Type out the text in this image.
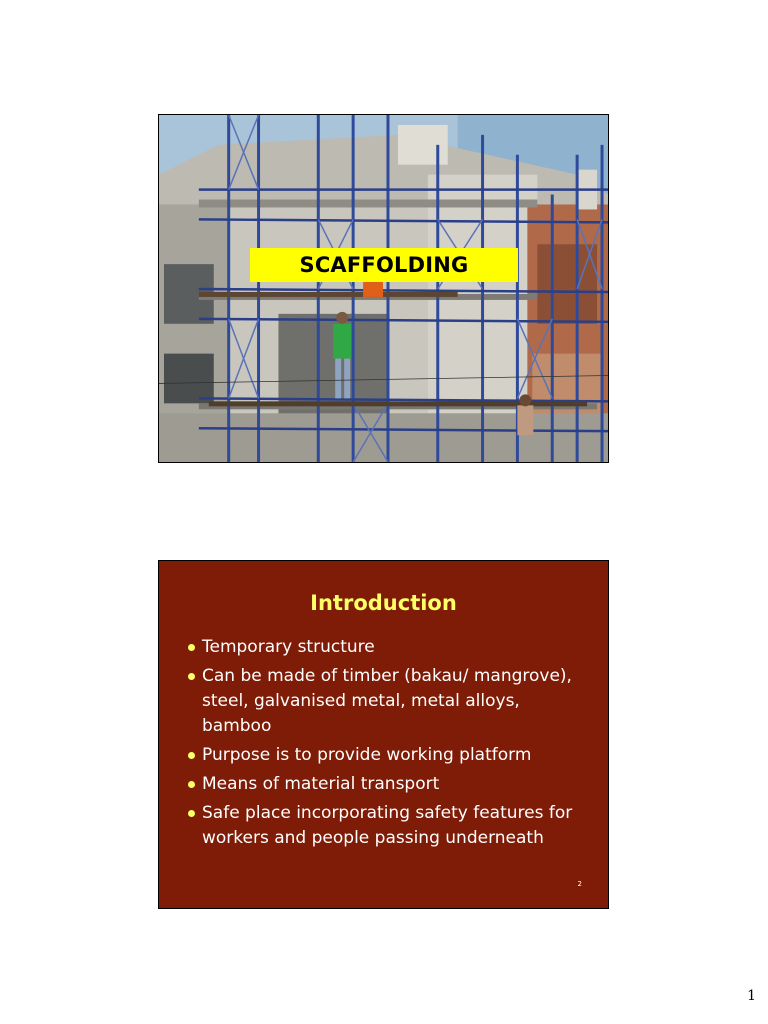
SCAFFOLDING
Introduction
Temporary structure
Can be made of timber (bakau/ mangrove), steel, galvanised metal, metal alloys, bamboo
Purpose is to provide working platform
Means of material transport
Safe place incorporating safety features for workers and people passing underneath
2
1
